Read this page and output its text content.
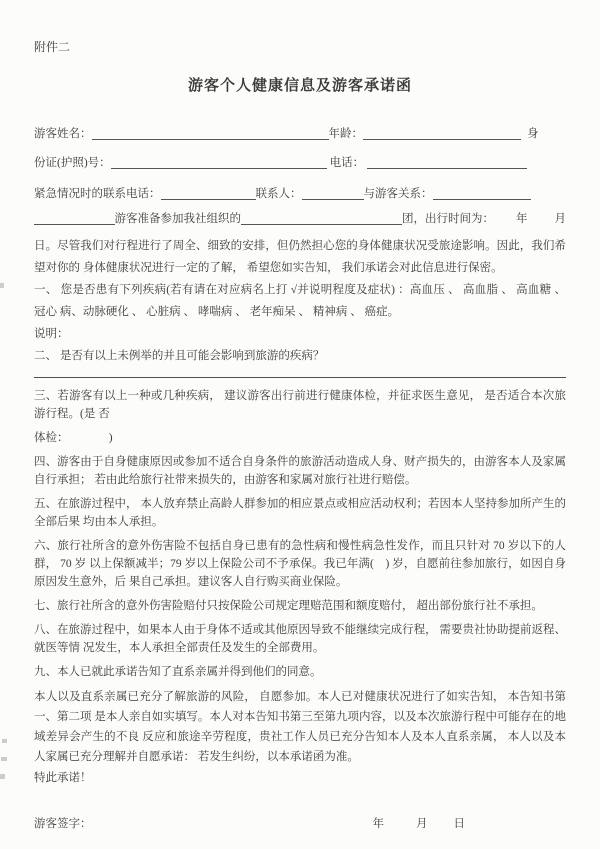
附件二
游客个人健康信息及游客承诺函
游客姓名：	年龄：	身
份证(护照)号：	电话：
紧急情况时的联系电话：	联系人：	与游客关系：
游客准备参加我社组织的	团，出行时间为： 年 月

日。尽管我们对行程进行了周全、细致的安排，但仍然担心您的身体健康状况受旅途影响。因此，我们希望对你的 身体健康状况进行一定的了解， 希望您如实告知， 我们承诺会对此信息进行保密。

一、 您是否患有下列疾病(若有请在对应病名上打 √并说明程度及症状) ：高血压 、 高血脂 、 高血糖 、 冠心 病、动脉硬化 、 心脏病 、 哮喘病 、 老年痴呆 、 精神病 、 癌症。

说明：

二、 是否有以上未例举的并且可能会影响到旅游的疾病？

三、若游客有以上一种或几种疾病， 建议游客出行前进行健康体检，并征求医生意见， 是否适合本次旅游行程。(是 否

体检：　　　　)

四、游客由于自身健康原因或参加不适合自身条件的旅游活动造成人身、财产损失的，由游客本人及家属自行承担； 若由此给旅行社带来损失的，由游客和家属对旅行社进行赔偿。

五、在旅游过程中， 本人放弃禁止高龄人群参加的相应景点或相应活动权利；若因本人坚持参加所产生的全部后果 均由本人承担。

六、旅行社所含的意外伤害险不包括自身已患有的急性病和慢性病急性发作，而且只针对 70 岁以下的人群， 70 岁 以上保额减半；79 岁以上保险公司不予承保。我已年满(　) 岁，自愿前往参加旅行，如因自身原因发生意外，后 果自己承担。建议客人自行购买商业保险。

七、旅行社所含的意外伤害险赔付只按保险公司规定理赔范围和额度赔付， 超出部份旅行社不承担。

八、在旅游过程中，如果本人由于身体不适或其他原因导致不能继续完成行程， 需要贵社协助提前返程、就医等情 况发生，本人承担全部责任及发生的全部费用。

九、本人已就此承诺告知了直系亲属并得到他们的同意。

本人以及直系亲属已充分了解旅游的风险， 自愿参加。本人已对健康状况进行了如实告知， 本告知书第一、第二项 是本人亲自如实填写。本人对本告知书第三至第九项内容，以及本次旅游行程中可能存在的地域差异会产生的不良 反应和旅途辛劳程度，贵社工作人员已充分告知本人及本人直系亲属， 本人以及本人家属已充分理解并自愿承诺： 若发生纠纷，以本承诺函为准。

特此承诺！

游客签字：	年	月 日
